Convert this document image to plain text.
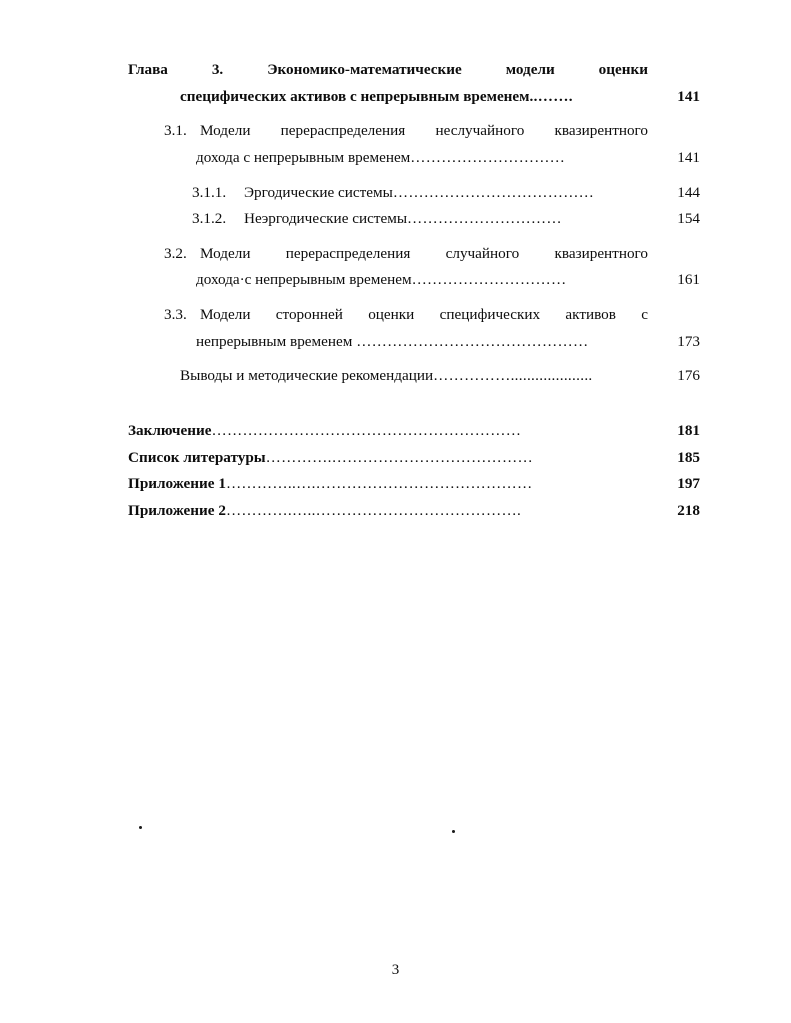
Глава	3.	Экономико-математические модели оценки
специфических активов с непрерывным временем..…….	141
3.1. Модели перераспределения неслучайного квазирентного
дохода с непрерывным временем…………………………	141
3.1.1. Эргодические системы…………………………………	144
3.1.2. Неэргодические системы…………………………	154
3.2. Модели перераспределения случайного квазирентного
дохода·с непрерывным временем…………………………	161
3.3. Модели сторонней оценки специфических активов с
непрерывным временем ………………………………………	173
Выводы и методические рекомендации……………....................	176
Заключение ……………………………………………………	181
Список литературы ………….…………………………………	185
Приложение 1 …………..….……………………………………	197
Приложение 2 ………….…..………………………………….	218
3
